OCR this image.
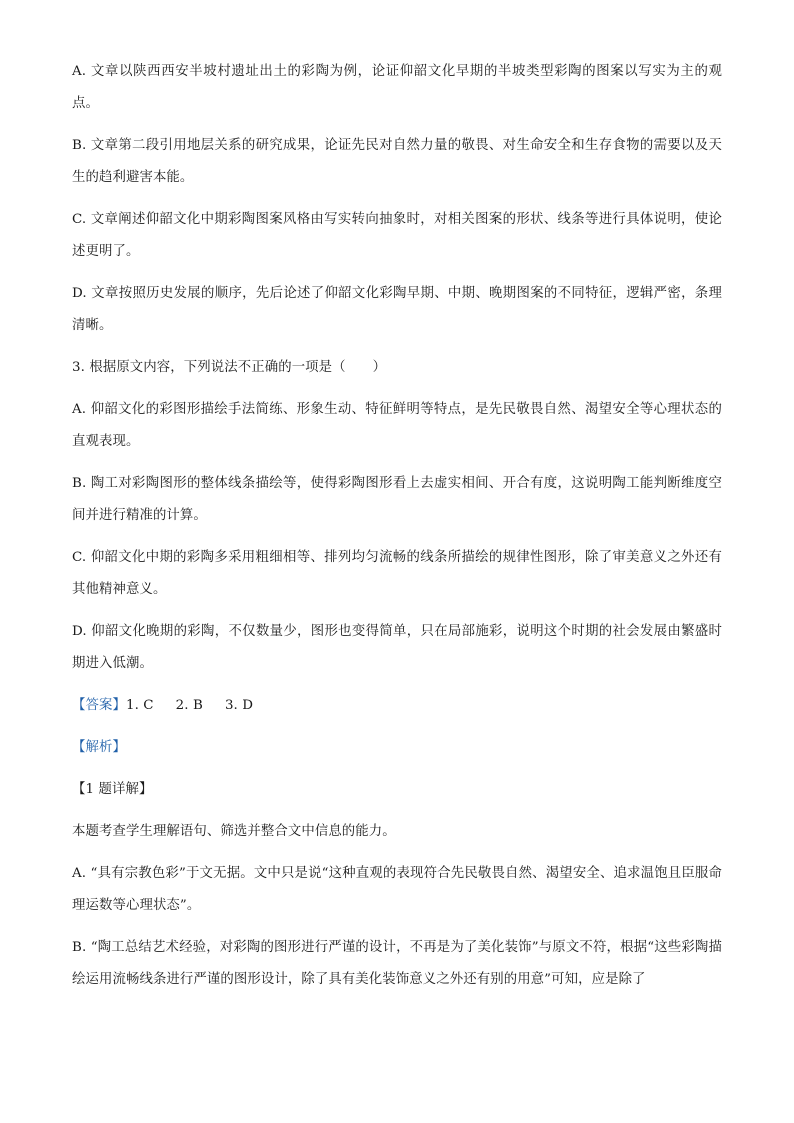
A. 文章以陕西西安半坡村遗址出土的彩陶为例，论证仰韶文化早期的半坡类型彩陶的图案以写实为主的观点。

B. 文章第二段引用地层关系的研究成果，论证先民对自然力量的敬畏、对生命安全和生存食物的需要以及天生的趋利避害本能。

C. 文章阐述仰韶文化中期彩陶图案风格由写实转向抽象时，对相关图案的形状、线条等进行具体说明，使论述更明了。

D. 文章按照历史发展的顺序，先后论述了仰韶文化彩陶早期、中期、晚期图案的不同特征，逻辑严密，条理清晰。

3. 根据原文内容，下列说法不正确的一项是（　　）

A. 仰韶文化的彩图形描绘手法简练、形象生动、特征鲜明等特点，是先民敬畏自然、渴望安全等心理状态的直观表现。

B. 陶工对彩陶图形的整体线条描绘等，使得彩陶图形看上去虚实相间、开合有度，这说明陶工能判断维度空间并进行精准的计算。

C. 仰韶文化中期的彩陶多采用粗细相等、排列均匀流畅的线条所描绘的规律性图形，除了审美意义之外还有其他精神意义。

D. 仰韶文化晚期的彩陶，不仅数量少，图形也变得简单，只在局部施彩，说明这个时期的社会发展由繁盛时期进入低潮。

【答案】1. C 2. B 3. D

【解析】

【1 题详解】

本题考查学生理解语句、筛选并整合文中信息的能力。

A. “具有宗教色彩”于文无据。文中只是说“这种直观的表现符合先民敬畏自然、渴望安全、追求温饱且臣服命理运数等心理状态”。

B. “陶工总结艺术经验，对彩陶的图形进行严谨的设计，不再是为了美化装饰”与原文不符，根据“这些彩陶描绘运用流畅线条进行严谨的图形设计，除了具有美化装饰意义之外还有别的用意”可知，应是除了
